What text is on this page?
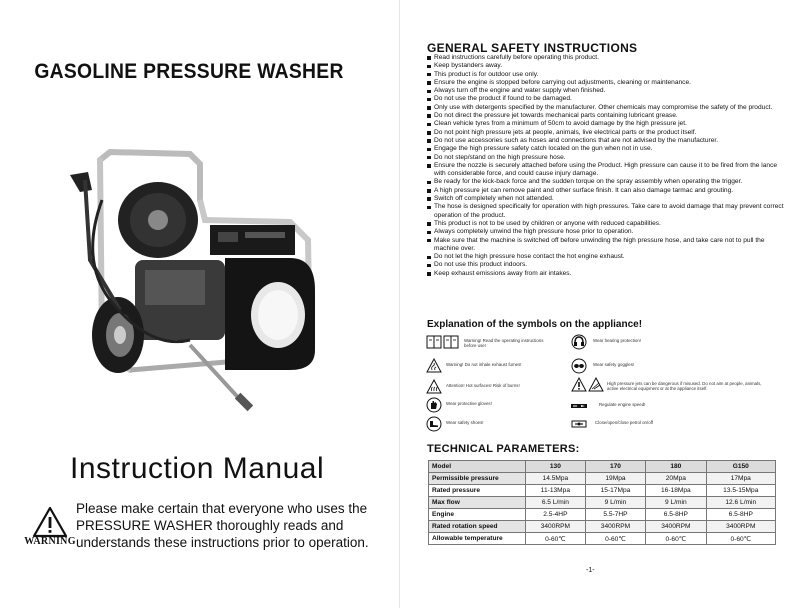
GASOLINE PRESSURE WASHER
Instruction Manual
WARNING
Please make certain that everyone who uses the PRESSURE WASHER thoroughly reads and understands these instructions prior to operation.
GENERAL SAFETY INSTRUCTIONS
Read instructions carefully before operating this product.
Keep bystanders away.
This product is for outdoor use only.
Ensure the engine is stopped before carrying out adjustments, cleaning or maintenance.
Always turn off the engine and water supply when finished.
Do not use the product if found to be damaged.
Only use with detergents specified by the manufacturer. Other chemicals may compromise the safety of the product.
Do not direct the pressure jet towards mechanical parts containing lubricant grease.
Clean vehicle tyres from a minimum of 50cm to avoid damage by the high pressure jet.
Do not point high pressure jets at people, animals, live electrical parts or the product itself.
Do not use accessories such as hoses and connections that are not advised by the manufacturer.
Engage the high pressure safety catch located on the gun when not in use.
Do not step/stand on the high pressure hose.
Ensure the nozzle is securely attached before using the Product. High pressure can cause it to be fired from the lance with considerable force, and could cause injury damage.
Be ready for the kick-back force and the sudden torque on the spray assembly when operating the trigger.
A high pressure jet can remove paint and other surface finish. It can also damage tarmac and grouting.
Switch off completely when not attended.
The hose is designed specifically for operation with high pressures. Take care to avoid damage that may prevent correct operation of the product.
This product is not to be used by children or anyone with reduced capabilities.
Always completely unwind the high pressure hose prior to operation.
Make sure that the machine is switched off before unwinding the high pressure hose, and take care not to pull the machine over.
Do not let the high pressure hose contact the hot engine exhaust.
Do not use this product indoors.
Keep exhaust emissions away from air intakes.
Explanation of the symbols on the appliance!
Warning! Read the operating instructions before use!
Wear hearing protection!
Warning! Do not inhale exhaust fumes!	Wear safety goggles!
Attention! Hot surfaces! Risk of burns!	High pressure jets can be dangerous if misused. Do not aim at people, animals, active electrical equipment or at the appliance itself.
Wear protective gloves!	Regulate engine speed!
Wear safety shoes!	Close/open/close petrol on/off
TECHNICAL PARAMETERS:
Model	130	170	180	G150
Permissible pressure	14.5Mpa	19Mpa	20Mpa	17Mpa
Rated pressure	11-13Mpa	15-17Mpa	16-18Mpa	13.5-15Mpa
Max flow	6.5 L/min	9 L/min	9 L/min	12.6 L/min
Engine	2.5-4HP	5.5-7HP	6.5-8HP	6.5-8HP
Rated rotation speed	3400RPM	3400RPM	3400RPM	3400RPM
Allowable temperature	0-60℃	0-60℃	0-60℃	0-60℃
-1-
